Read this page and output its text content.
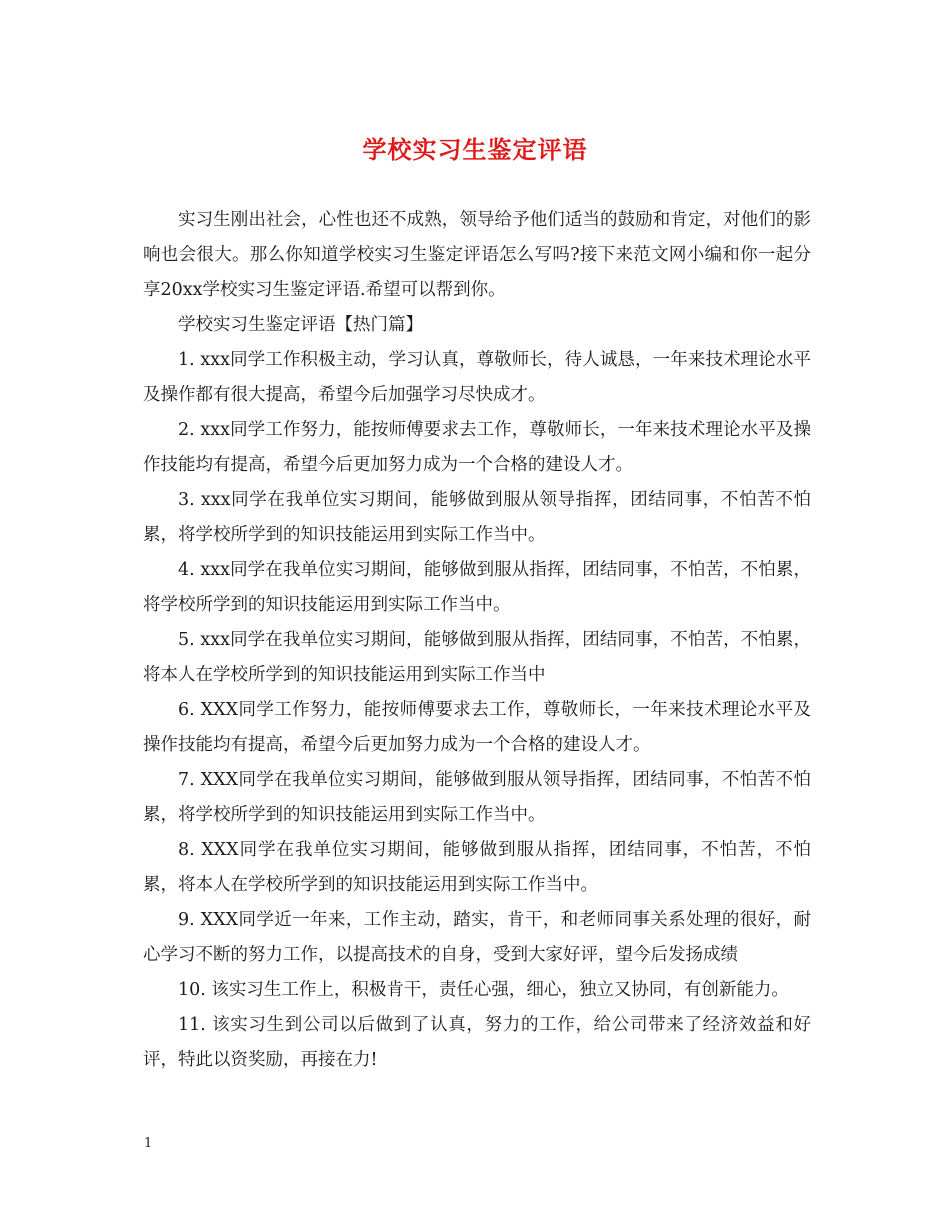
学校实习生鉴定评语

实习生刚出社会，心性也还不成熟，领导给予他们适当的鼓励和肯定，对他们的影响也会很大。那么你知道学校实习生鉴定评语怎么写吗?接下来范文网小编和你一起分享20xx学校实习生鉴定评语.希望可以帮到你。

学校实习生鉴定评语【热门篇】

1. xxx同学工作积极主动，学习认真，尊敬师长，待人诚恳，一年来技术理论水平及操作都有很大提高，希望今后加强学习尽快成才。

2. xxx同学工作努力，能按师傅要求去工作，尊敬师长，一年来技术理论水平及操作技能均有提高，希望今后更加努力成为一个合格的建设人才。

3. xxx同学在我单位实习期间，能够做到服从领导指挥，团结同事，不怕苦不怕累，将学校所学到的知识技能运用到实际工作当中。

4. xxx同学在我单位实习期间，能够做到服从指挥，团结同事，不怕苦，不怕累，将学校所学到的知识技能运用到实际工作当中。

5. xxx同学在我单位实习期间，能够做到服从指挥，团结同事，不怕苦，不怕累，将本人在学校所学到的知识技能运用到实际工作当中

6. XXX同学工作努力，能按师傅要求去工作，尊敬师长，一年来技术理论水平及操作技能均有提高，希望今后更加努力成为一个合格的建设人才。

7. XXX同学在我单位实习期间，能够做到服从领导指挥，团结同事，不怕苦不怕累，将学校所学到的知识技能运用到实际工作当中。

8. XXX同学在我单位实习期间，能够做到服从指挥，团结同事，不怕苦，不怕累，将本人在学校所学到的知识技能运用到实际工作当中。

9. XXX同学近一年来，工作主动，踏实，肯干，和老师同事关系处理的很好，耐心学习不断的努力工作，以提高技术的自身，受到大家好评，望今后发扬成绩

10. 该实习生工作上，积极肯干，责任心强，细心，独立又协同，有创新能力。

11. 该实习生到公司以后做到了认真，努力的工作，给公司带来了经济效益和好评，特此以资奖励，再接在力!

1
